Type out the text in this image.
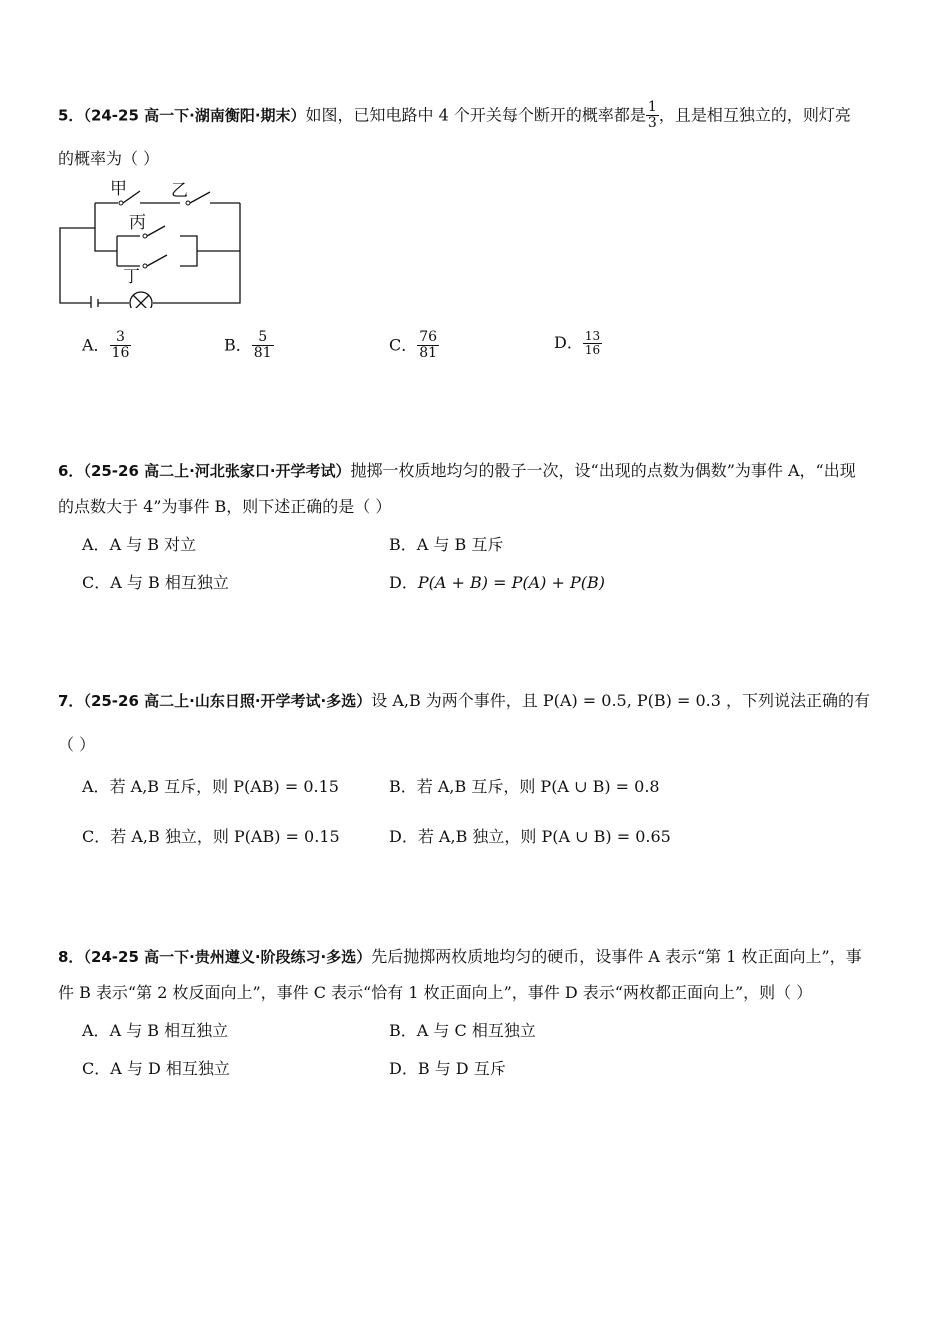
5．（24-25 高一下·湖南衡阳·期末）如图，已知电路中 4 个开关每个断开的概率都是 $\frac{1}{3}$ ，且是相互独立的，则灯亮
的概率为（ ）
甲	乙
丙
丁
A． $\frac{3}{16}$	B． $\frac{5}{81}$	C． $\frac{76}{81}$	D． $\frac{13}{16}$
6．（25-26 高二上·河北张家口·开学考试）抛掷一枚质地均匀的骰子一次，设“出现的点数为偶数”为事件 A，“出现
的点数大于 4”为事件 B，则下述正确的是（ ）
A．A 与 B 对立	B．A 与 B 互斥
C．A 与 B 相互独立	D．P(A + B) = P(A) + P(B)
7．（25-26 高二上·山东日照·开学考试·多选）设 A,B 为两个事件，且 P(A) = 0.5, P(B) = 0.3 ，下列说法正确的有
（ ）
A．若 A,B 互斥，则 P(AB) = 0.15	B．若 A,B 互斥，则 P(A ∪ B) = 0.8
C．若 A,B 独立，则 P(AB) = 0.15	D．若 A,B 独立，则 P(A ∪ B) = 0.65
8．（24-25 高一下·贵州遵义·阶段练习·多选）先后抛掷两枚质地均匀的硬币，设事件 A 表示“第 1 枚正面向上”，事
件 B 表示“第 2 枚反面向上”，事件 C 表示“恰有 1 枚正面向上”，事件 D 表示“两枚都正面向上”，则（ ）
A．A 与 B 相互独立	B．A 与 C 相互独立
C．A 与 D 相互独立	D．B 与 D 互斥
